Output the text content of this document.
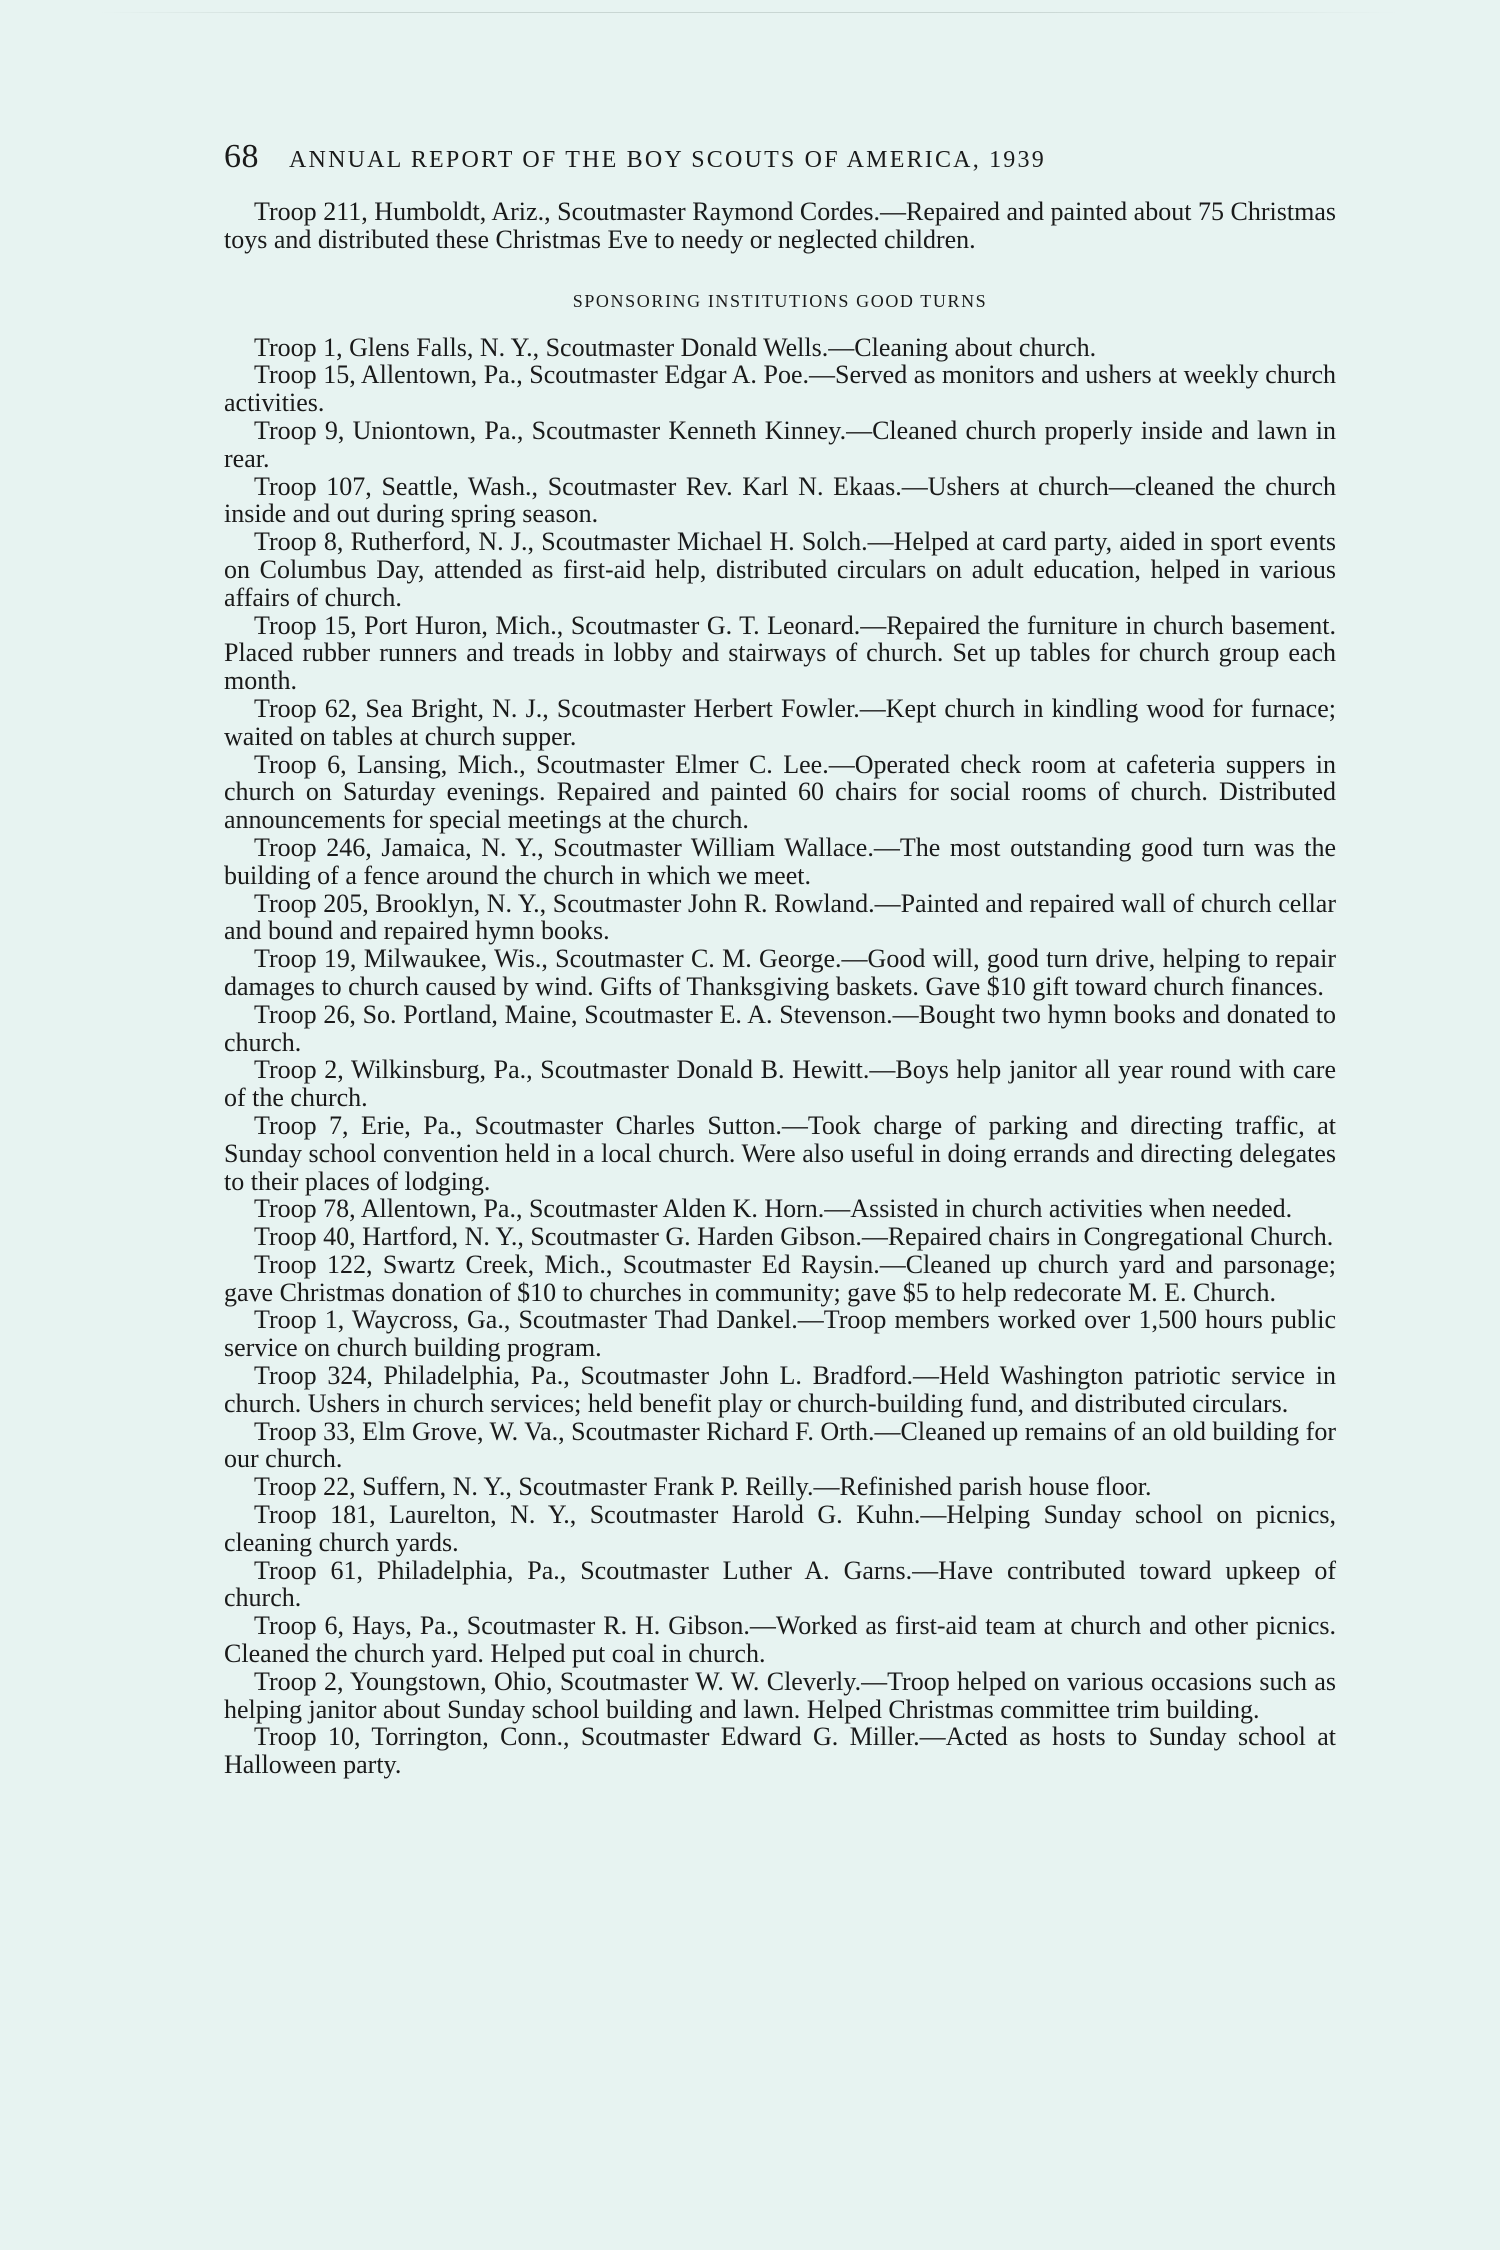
68 ANNUAL REPORT OF THE BOY SCOUTS OF AMERICA, 1939

Troop 211, Humboldt, Ariz., Scoutmaster Raymond Cordes.—Repaired and painted about 75 Christmas toys and distributed these Christmas Eve to needy or neglected children.

SPONSORING INSTITUTIONS GOOD TURNS

Troop 1, Glens Falls, N. Y., Scoutmaster Donald Wells.—Cleaning about church.

Troop 15, Allentown, Pa., Scoutmaster Edgar A. Poe.—Served as monitors and ushers at weekly church activities.

Troop 9, Uniontown, Pa., Scoutmaster Kenneth Kinney.—Cleaned church properly inside and lawn in rear.

Troop 107, Seattle, Wash., Scoutmaster Rev. Karl N. Ekaas.—Ushers at church—cleaned the church inside and out during spring season.

Troop 8, Rutherford, N. J., Scoutmaster Michael H. Solch.—Helped at card party, aided in sport events on Columbus Day, attended as first-aid help, distributed circulars on adult education, helped in various affairs of church.

Troop 15, Port Huron, Mich., Scoutmaster G. T. Leonard.—Repaired the furniture in church basement. Placed rubber runners and treads in lobby and stairways of church. Set up tables for church group each month.

Troop 62, Sea Bright, N. J., Scoutmaster Herbert Fowler.—Kept church in kindling wood for furnace; waited on tables at church supper.

Troop 6, Lansing, Mich., Scoutmaster Elmer C. Lee.—Operated check room at cafeteria suppers in church on Saturday evenings. Repaired and painted 60 chairs for social rooms of church. Distributed announcements for special meetings at the church.

Troop 246, Jamaica, N. Y., Scoutmaster William Wallace.—The most outstanding good turn was the building of a fence around the church in which we meet.

Troop 205, Brooklyn, N. Y., Scoutmaster John R. Rowland.—Painted and repaired wall of church cellar and bound and repaired hymn books.

Troop 19, Milwaukee, Wis., Scoutmaster C. M. George.—Good will, good turn drive, helping to repair damages to church caused by wind. Gifts of Thanksgiving baskets. Gave $10 gift toward church finances.

Troop 26, So. Portland, Maine, Scoutmaster E. A. Stevenson.—Bought two hymn books and donated to church.

Troop 2, Wilkinsburg, Pa., Scoutmaster Donald B. Hewitt.—Boys help janitor all year round with care of the church.

Troop 7, Erie, Pa., Scoutmaster Charles Sutton.—Took charge of parking and directing traffic, at Sunday school convention held in a local church. Were also useful in doing errands and directing delegates to their places of lodging.

Troop 78, Allentown, Pa., Scoutmaster Alden K. Horn.—Assisted in church activities when needed.

Troop 40, Hartford, N. Y., Scoutmaster G. Harden Gibson.—Repaired chairs in Congregational Church.

Troop 122, Swartz Creek, Mich., Scoutmaster Ed Raysin.—Cleaned up church yard and parsonage; gave Christmas donation of $10 to churches in community; gave $5 to help redecorate M. E. Church.

Troop 1, Waycross, Ga., Scoutmaster Thad Dankel.—Troop members worked over 1,500 hours public service on church building program.

Troop 324, Philadelphia, Pa., Scoutmaster John L. Bradford.—Held Washington patriotic service in church. Ushers in church services; held benefit play or church-building fund, and distributed circulars.

Troop 33, Elm Grove, W. Va., Scoutmaster Richard F. Orth.—Cleaned up remains of an old building for our church.

Troop 22, Suffern, N. Y., Scoutmaster Frank P. Reilly.—Refinished parish house floor.

Troop 181, Laurelton, N. Y., Scoutmaster Harold G. Kuhn.—Helping Sunday school on picnics, cleaning church yards.

Troop 61, Philadelphia, Pa., Scoutmaster Luther A. Garns.—Have contributed toward upkeep of church.

Troop 6, Hays, Pa., Scoutmaster R. H. Gibson.—Worked as first-aid team at church and other picnics. Cleaned the church yard. Helped put coal in church.

Troop 2, Youngstown, Ohio, Scoutmaster W. W. Cleverly.—Troop helped on various occasions such as helping janitor about Sunday school building and lawn. Helped Christmas committee trim building.

Troop 10, Torrington, Conn., Scoutmaster Edward G. Miller.—Acted as hosts to Sunday school at Halloween party.
